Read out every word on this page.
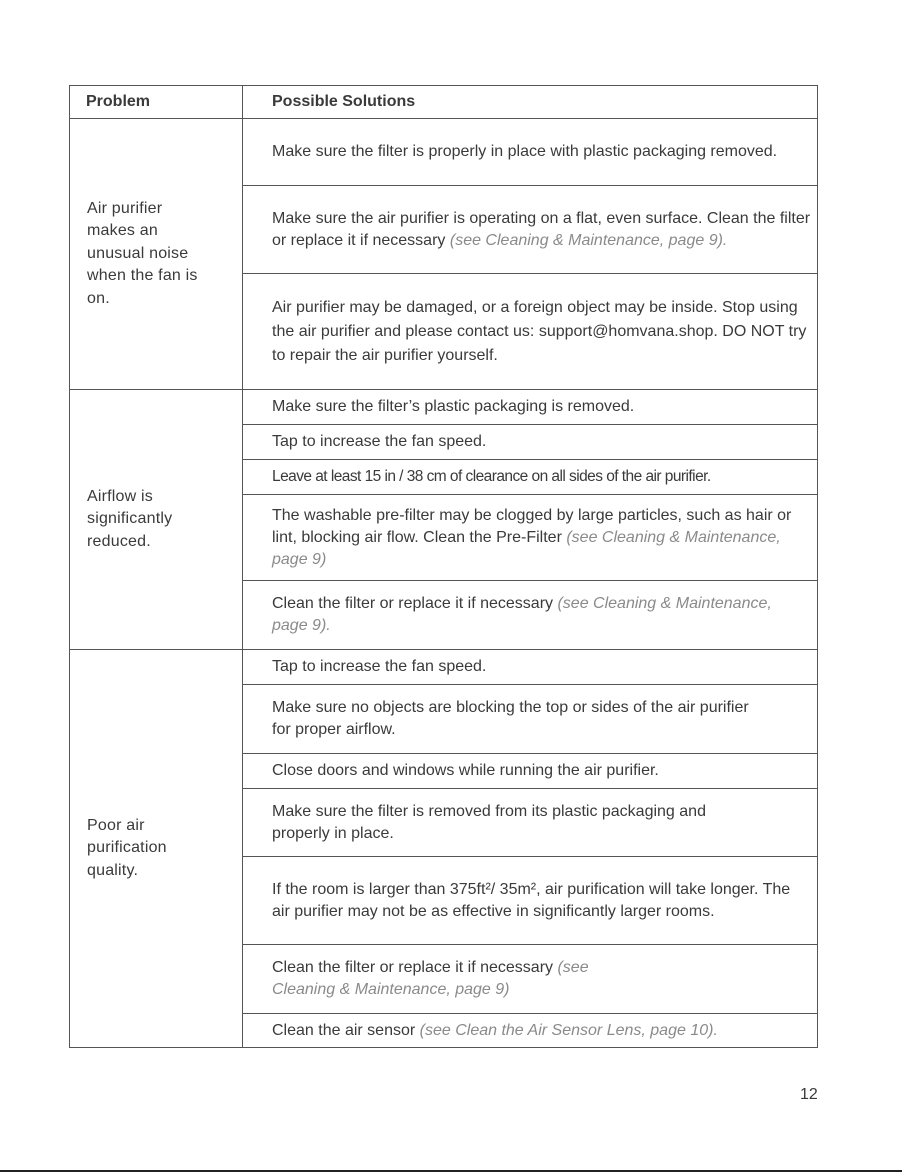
Problem	Possible Solutions

Air purifier makes an unusual noise when the fan is on.	Make sure the filter is properly in place with plastic packaging removed.
	Make sure the air purifier is operating on a flat, even surface. Clean the filter or replace it if necessary (see Cleaning & Maintenance, page 9).
	Air purifier may be damaged, or a foreign object may be inside. Stop using the air purifier and please contact us: support@homvana.shop. DO NOT try to repair the air purifier yourself.

Airflow is significantly reduced.	Make sure the filter’s plastic packaging is removed.
	Tap to increase the fan speed.
	Leave at least 15 in / 38 cm of clearance on all sides of the air purifier.
	The washable pre-filter may be clogged by large particles, such as hair or lint, blocking air flow. Clean the Pre-Filter (see Cleaning & Maintenance, page 9)
	Clean the filter or replace it if necessary (see Cleaning & Maintenance, page 9).

Poor air purification quality.	Tap to increase the fan speed.
	Make sure no objects are blocking the top or sides of the air purifier for proper airflow.
	Close doors and windows while running the air purifier.
	Make sure the filter is removed from its plastic packaging and properly in place.
	If the room is larger than 375ft²/ 35m², air purification will take longer. The air purifier may not be as effective in significantly larger rooms.
	Clean the filter or replace it if necessary (see Cleaning & Maintenance, page 9)
	Clean the air sensor (see Clean the Air Sensor Lens, page 10).
12
